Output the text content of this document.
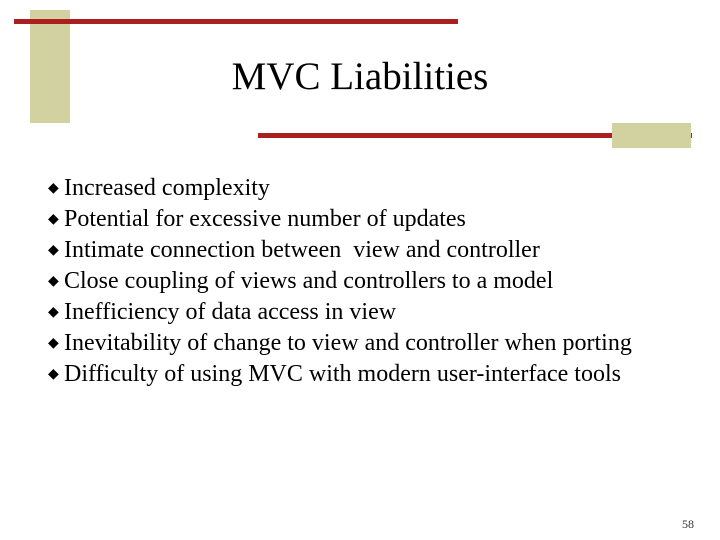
MVC Liabilities
◆ Increased complexity
◆ Potential for excessive number of updates
◆ Intimate connection between  view and controller
◆ Close coupling of views and controllers to a model
◆ Inefficiency of data access in view
◆ Inevitability of change to view and controller when porting
◆ Difficulty of using MVC with modern user-interface tools
58
